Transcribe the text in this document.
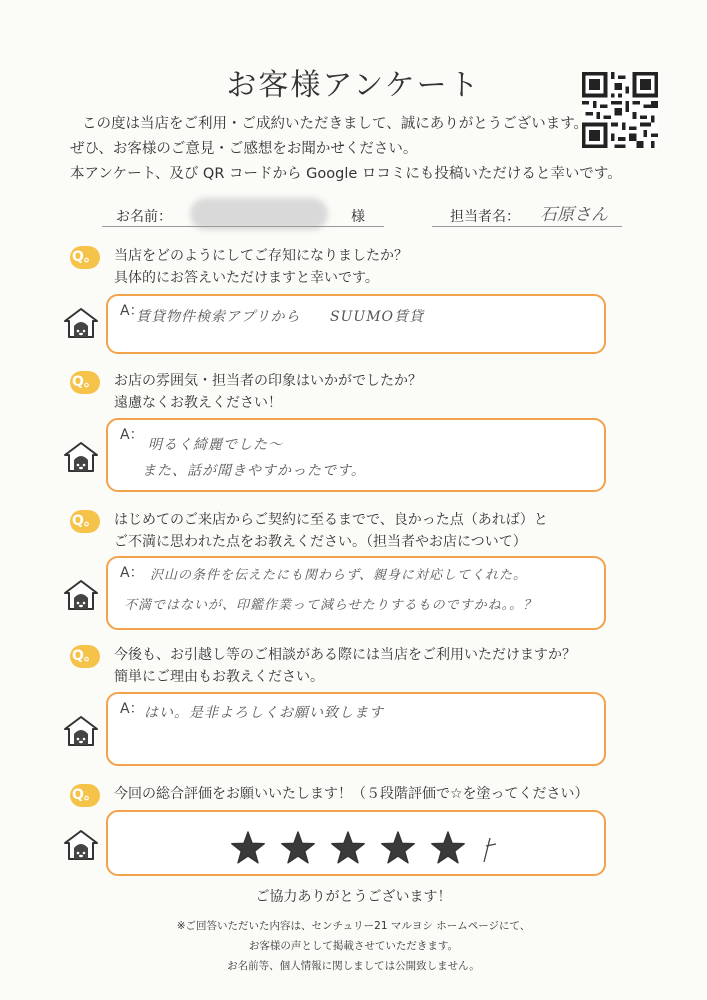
お客様アンケート
この度は当店をご利用・ご成約いただきまして、誠にありがとうございます。
ぜひ、お客様のご意見・ご感想をお聞かせください。
本アンケート、及び QR コードから Google ロコミにも投稿いただけると幸いです。
お名前：	様	担当者名： 石原さん
Q。 当店をどのようにしてご存知になりましたか？
具体的にお答えいただけますと幸いです。
A：
賃貸物件検索アプリから SUUMO賃貸
Q。 お店の雰囲気・担当者の印象はいかがでしたか？
遠慮なくお教えください！
A：
明るく綺麗でした～
また、話が聞きやすかったです。
Q。 はじめてのご来店からご契約に至るまでで、良かった点（あれば）と
ご不満に思われた点をお教えください。（担当者やお店について）
A： 沢山の条件を伝えたにも関わらず、親身に対応してくれた。
不満ではないが、印鑑作業って減らせたりするものですかね。。？
Q。 今後も、お引越し等のご相談がある際には当店をご利用いただけますか？
簡単にご理由もお教えください。
A： はい。是非よろしくお願い致します
Q。 今回の総合評価をお願いいたします！（５段階評価で☆を塗ってください）
ご協力ありがとうございます！
※ご回答いただいた内容は、センチュリー21 マルヨシ ホームページにて、
お客様の声として掲載させていただきます。
お名前等、個人情報に関しましては公開致しません。
